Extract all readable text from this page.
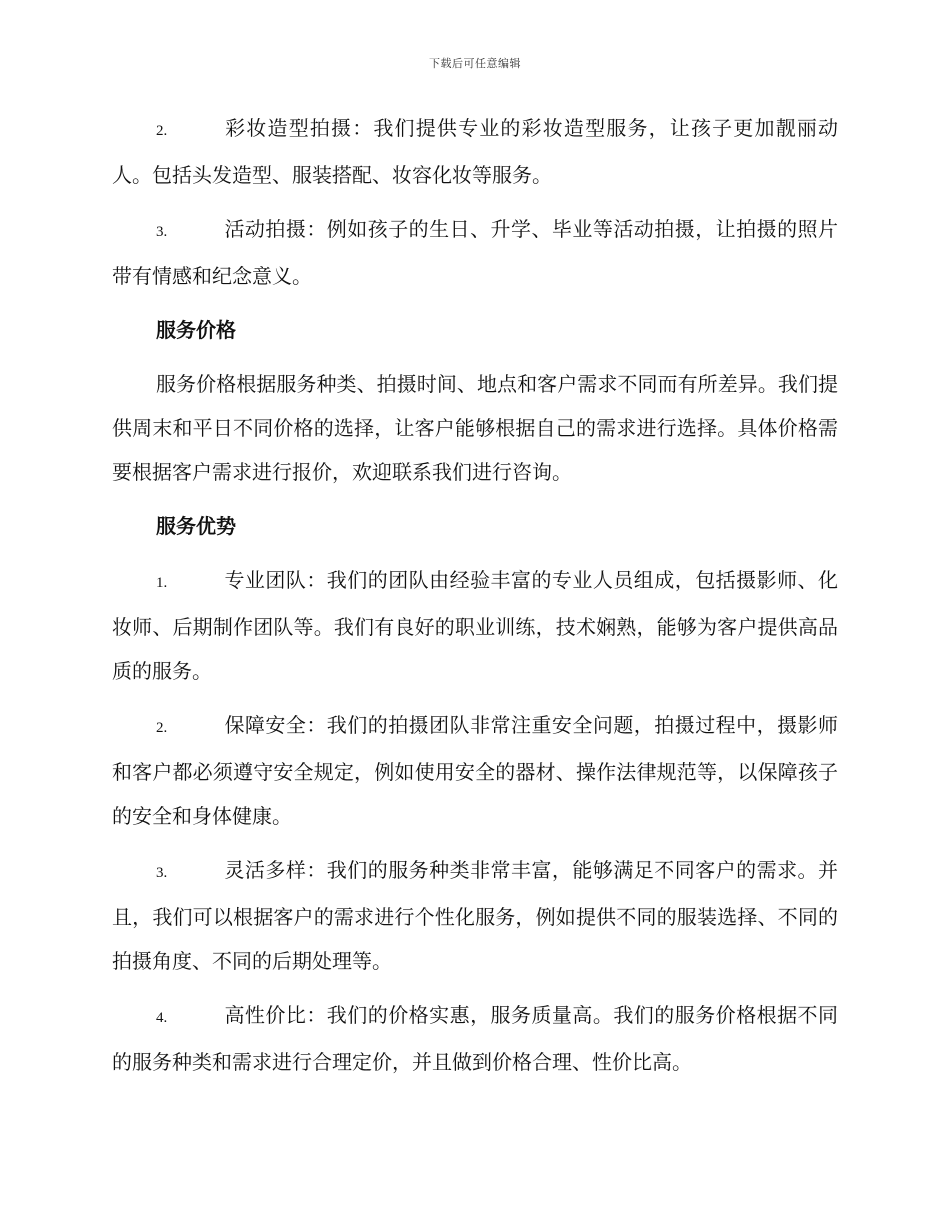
下载后可任意编辑

2.	彩妆造型拍摄：我们提供专业的彩妆造型服务，让孩子更加靓丽动人。包括头发造型、服装搭配、妆容化妆等服务。

3.	活动拍摄：例如孩子的生日、升学、毕业等活动拍摄，让拍摄的照片带有情感和纪念意义。

服务价格

服务价格根据服务种类、拍摄时间、地点和客户需求不同而有所差异。我们提供周末和平日不同价格的选择，让客户能够根据自己的需求进行选择。具体价格需要根据客户需求进行报价，欢迎联系我们进行咨询。

服务优势

1.	专业团队：我们的团队由经验丰富的专业人员组成，包括摄影师、化妆师、后期制作团队等。我们有良好的职业训练，技术娴熟，能够为客户提供高品质的服务。

2.	保障安全：我们的拍摄团队非常注重安全问题，拍摄过程中，摄影师和客户都必须遵守安全规定，例如使用安全的器材、操作法律规范等，以保障孩子的安全和身体健康。

3.	灵活多样：我们的服务种类非常丰富，能够满足不同客户的需求。并且，我们可以根据客户的需求进行个性化服务，例如提供不同的服装选择、不同的拍摄角度、不同的后期处理等。

4.	高性价比：我们的价格实惠，服务质量高。我们的服务价格根据不同的服务种类和需求进行合理定价，并且做到价格合理、性价比高。
